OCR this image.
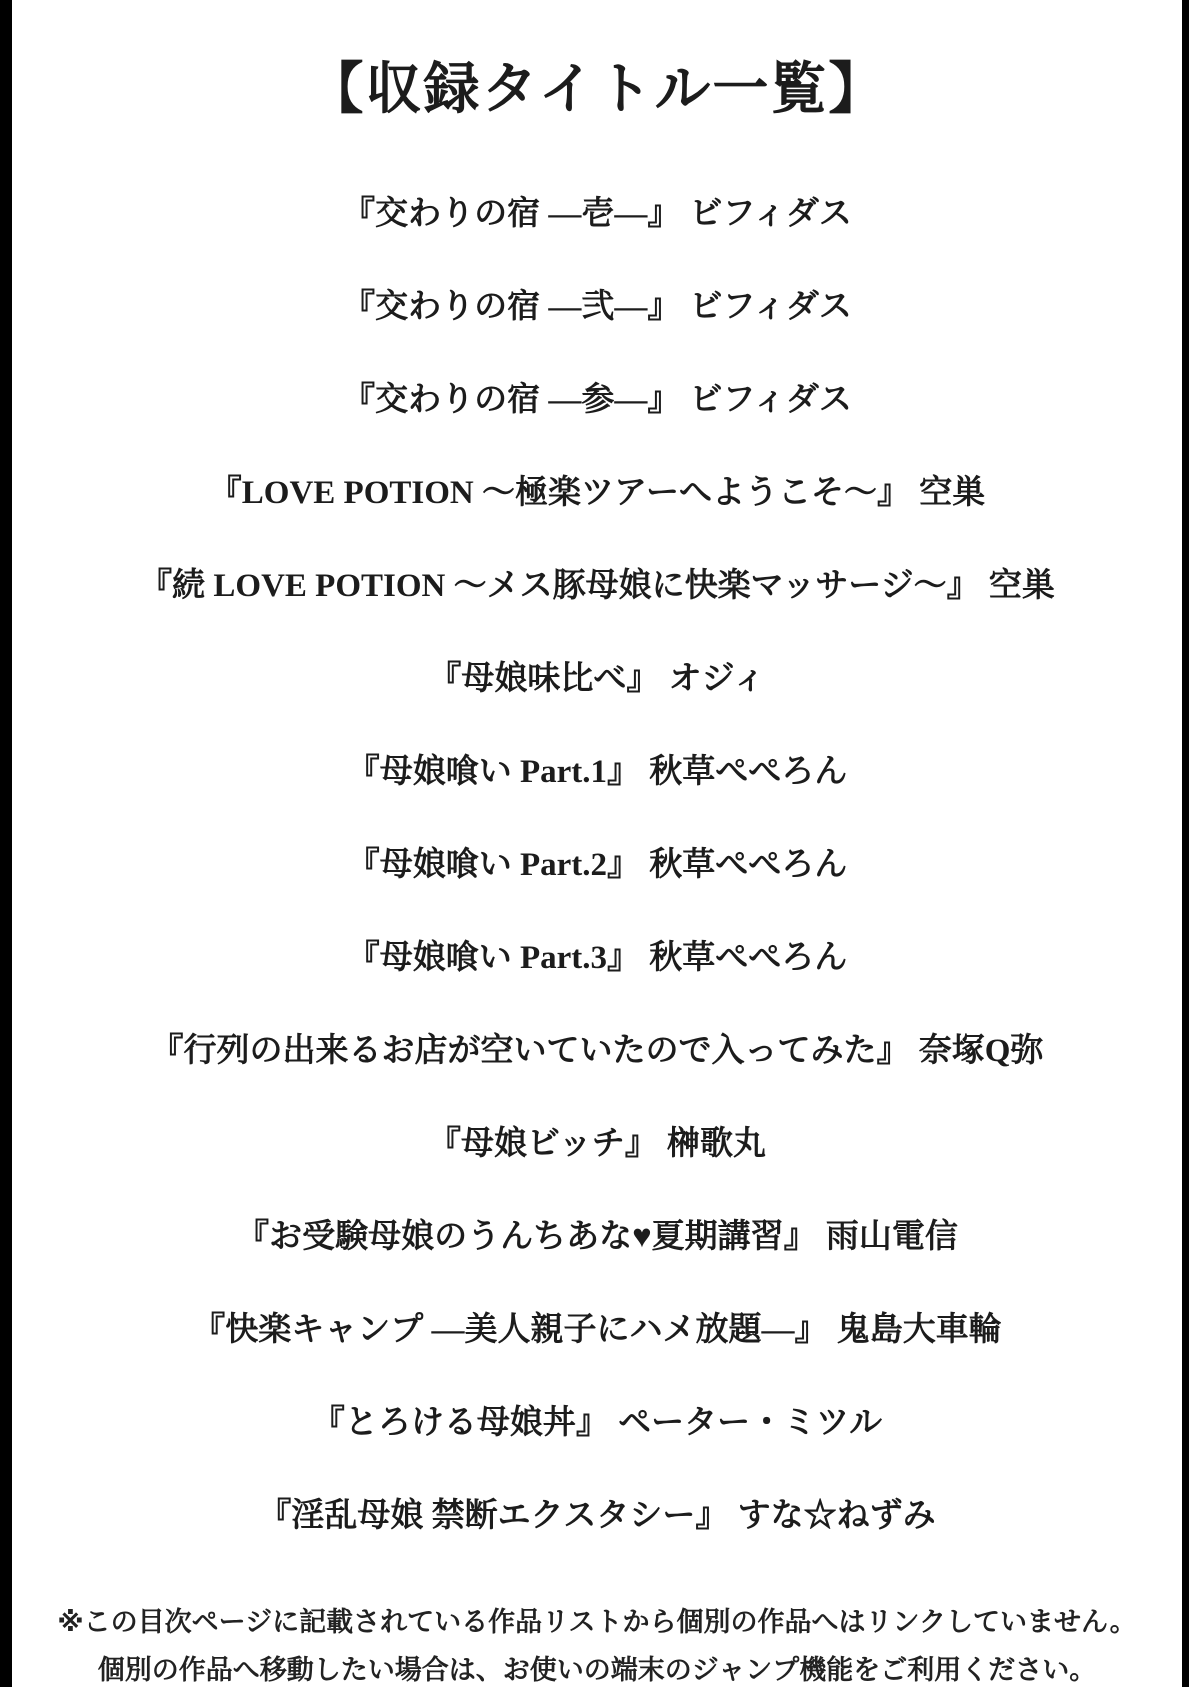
【収録タイトル一覧】
『交わりの宿 ―壱―』 ビフィダス
『交わりの宿 ―弐―』 ビフィダス
『交わりの宿 ―参―』 ビフィダス
『LOVE POTION ～極楽ツアーへようこそ～』 空巣
『続 LOVE POTION ～メス豚母娘に快楽マッサージ～』 空巣
『母娘味比べ』 オジィ
『母娘喰い Part.1』 秋草ぺぺろん
『母娘喰い Part.2』 秋草ぺぺろん
『母娘喰い Part.3』 秋草ぺぺろん
『行列の出来るお店が空いていたので入ってみた』 奈塚Q弥
『母娘ビッチ』 榊歌丸
『お受験母娘のうんちあな♥夏期講習』 雨山電信
『快楽キャンプ ―美人親子にハメ放題―』 鬼島大車輪
『とろける母娘丼』 ペーター・ミツル
『淫乱母娘 禁断エクスタシー』 すな☆ねずみ
※この目次ページに記載されている作品リストから個別の作品へはリンクしていません。
個別の作品へ移動したい場合は、お使いの端末のジャンプ機能をご利用ください。
